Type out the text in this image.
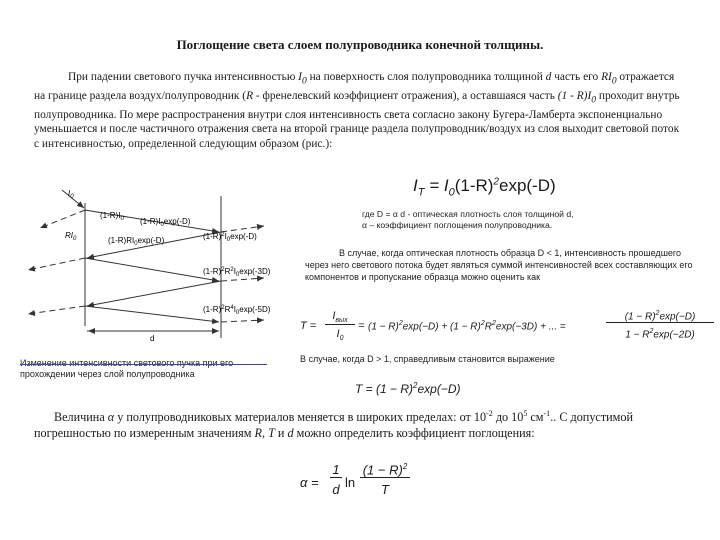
Поглощение света слоем полупроводника конечной толщины.
При падении светового пучка интенсивностью $I_0$ на поверхность слоя полупроводника толщиной d часть его $RI_0$ отражается на границе раздела воздух/полупроводник (R - френелевский коэффициент отражения), а оставшаяся часть $(1 - R)I_0$ проходит внутрь полупроводника. По мере распространения внутри слоя интенсивность света согласно закону Бугера-Ламберта экспоненциально уменьшается и после частичного отражения света на второй границе раздела полупроводник/воздух из слоя выходит световой поток с интенсивностью, определенной следующим образом (рис.):
$I_T = I_0(1-R)^2\exp(-D)$
где D = α d - оптическая плотность слоя толщиной d,
α – коэффициент поглощения полупроводника.
$I_0$
$RI_0$
$(1-R)I_0$ $(1-R)I_0\exp(-D)$
$(1-R)RI_0\exp(-D)$	$(1-R)^2I_0\exp(-D)$
$(1-R)^2R^2I_0\exp(-3D)$
$(1-R)^2R^4I_0\exp(-5D)$
d
Изменение интенсивности светового пучка при его прохождении через слой полупроводника
В случае, когда оптическая плотность образца D < 1, интенсивность прошедшего через него светового потока будет являться суммой интенсивностей всех составляющих его компонентов и пропускание образца можно оценить как
T =
$I_{вых}$
$I_0$
= $(1 - R)^2\exp(-D) + (1 - R)^2R^2\exp(-3D)$ + ... =
$(1 - R)^2\exp(-D)$
$1 - R^2\exp(-2D)$
В случае, когда D > 1, справедливым становится выражение
$T = (1 - R)^2\exp(-D)$
Величина α у полупроводниковых материалов меняется в широких пределах: от $10^{-2}$ до $10^5$ $см^{-1}$.. С допустимой погрешностью по измеренным значениям R, T и d можно определить коэффициент поглощения:
α =
1
d ln
$(1 - R)^2$
T
